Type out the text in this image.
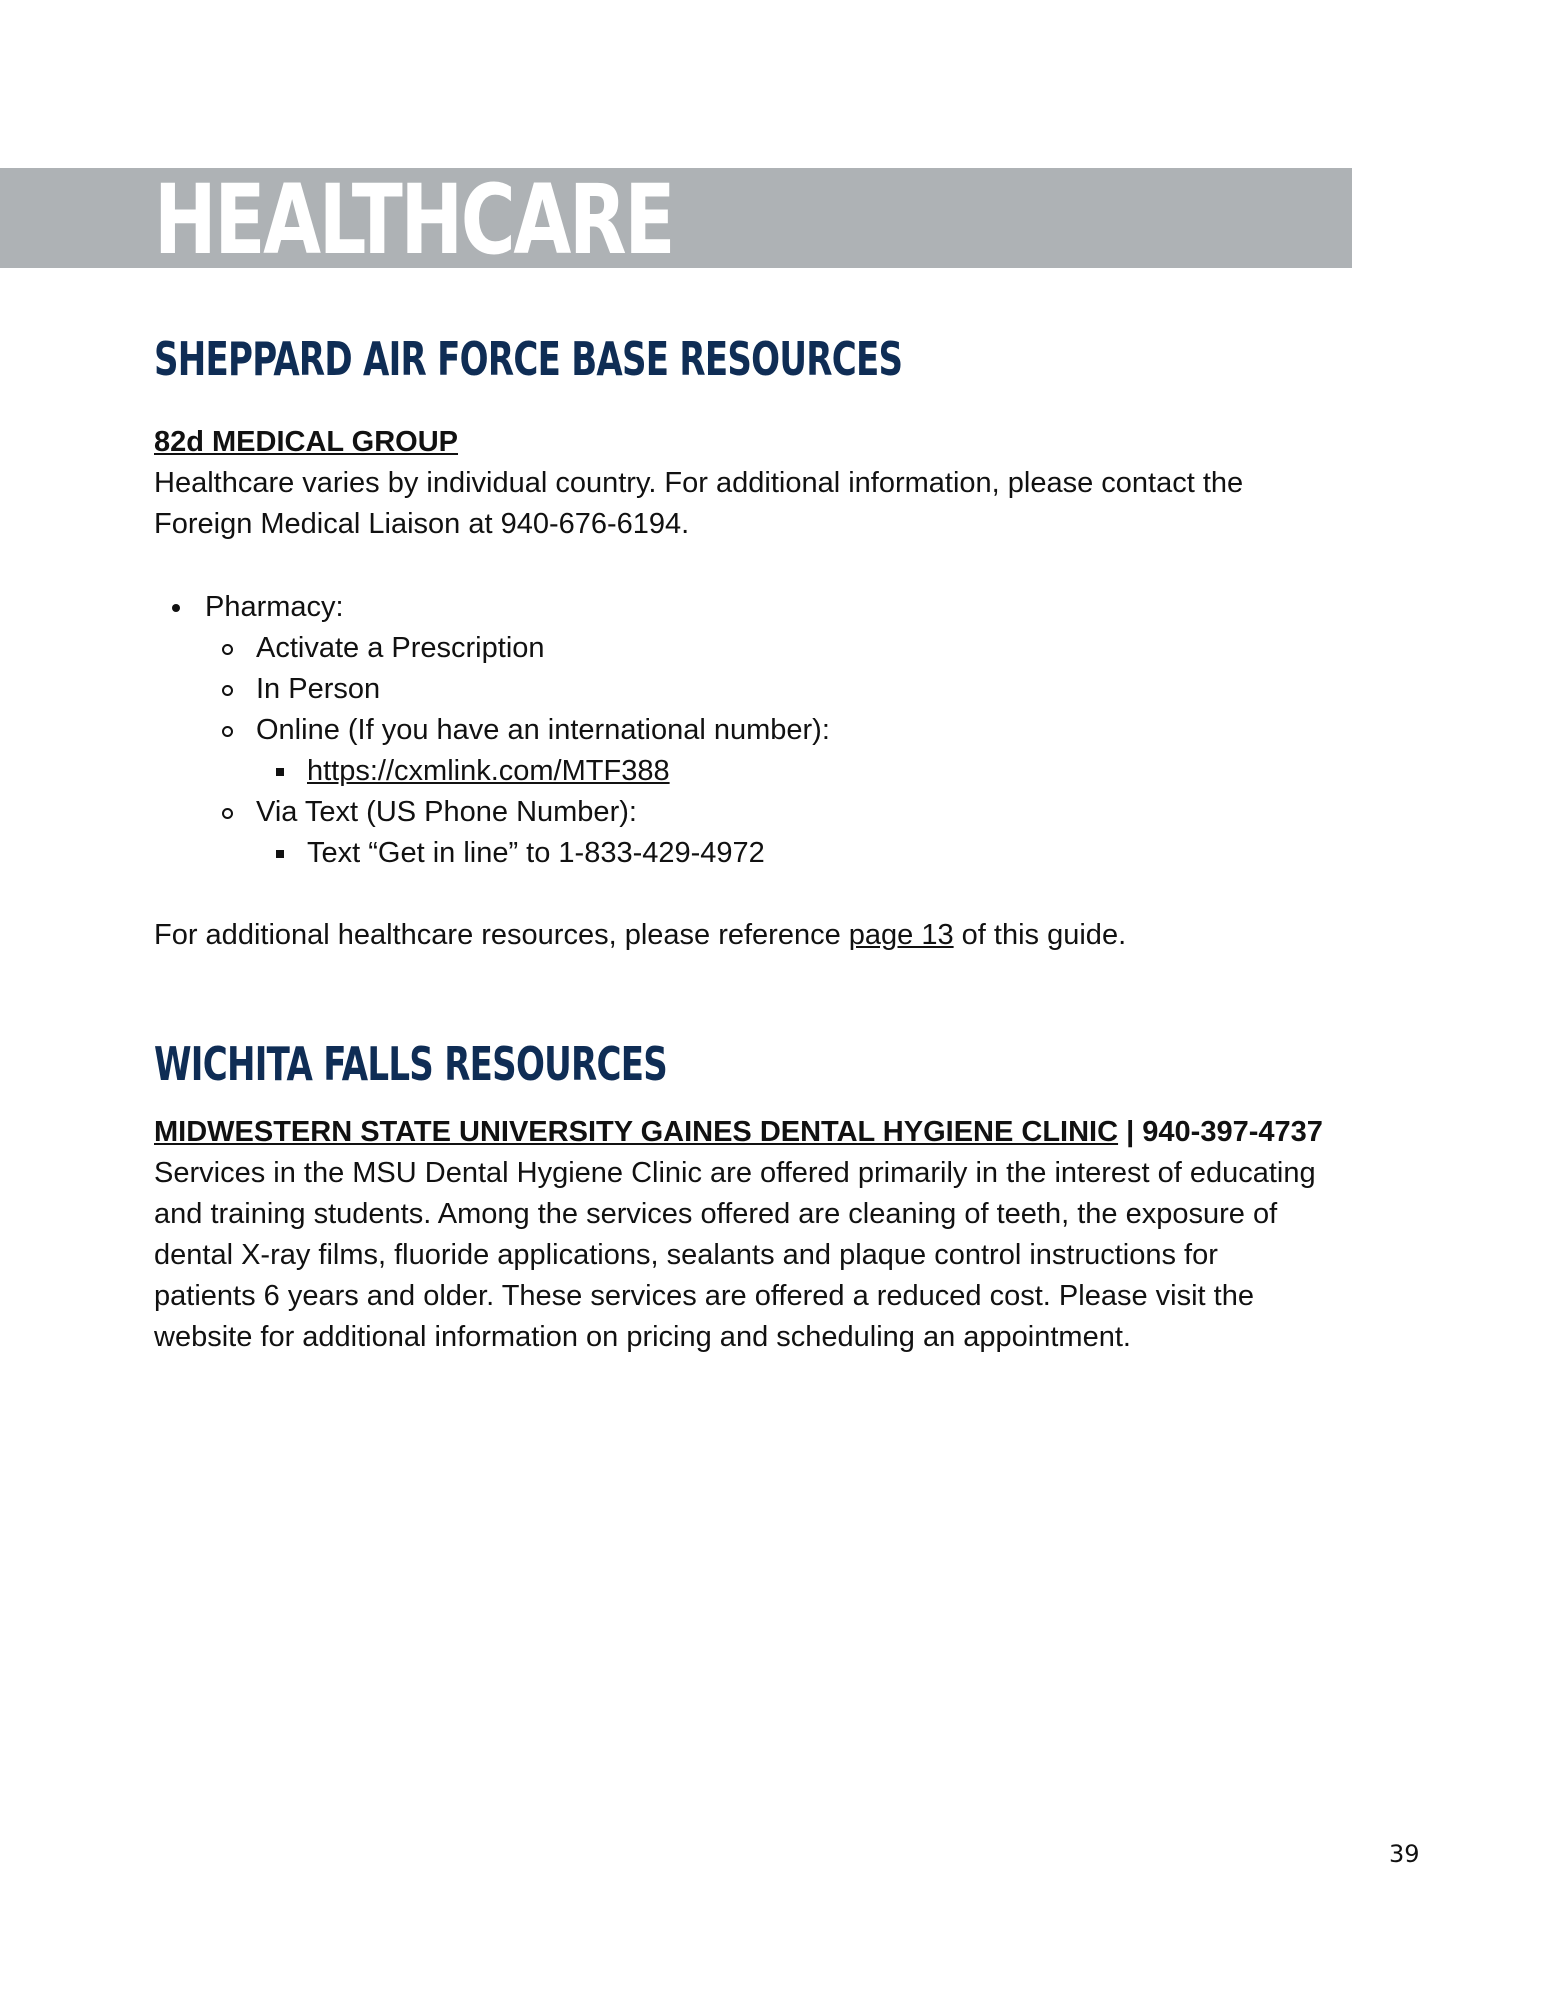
HEALTHCARE
SHEPPARD AIR FORCE BASE RESOURCES

82d MEDICAL GROUP

Healthcare varies by individual country. For additional information, please contact the

Foreign Medical Liaison at 940-676-6194.

Pharmacy:

Activate a Prescription

In Person

Online (If you have an international number):

https://cxmlink.com/MTF388

Via Text (US Phone Number):

Text “Get in line” to 1-833-429-4972

For additional healthcare resources, please reference page 13 of this guide.

WICHITA FALLS RESOURCES

MIDWESTERN STATE UNIVERSITY GAINES DENTAL HYGIENE CLINIC | 940-397-4737

Services in the MSU Dental Hygiene Clinic are offered primarily in the interest of educating

and training students. Among the services offered are cleaning of teeth, the exposure of

dental X-ray films, fluoride applications, sealants and plaque control instructions for

patients 6 years and older. These services are offered a reduced cost. Please visit the

website for additional information on pricing and scheduling an appointment.

39
